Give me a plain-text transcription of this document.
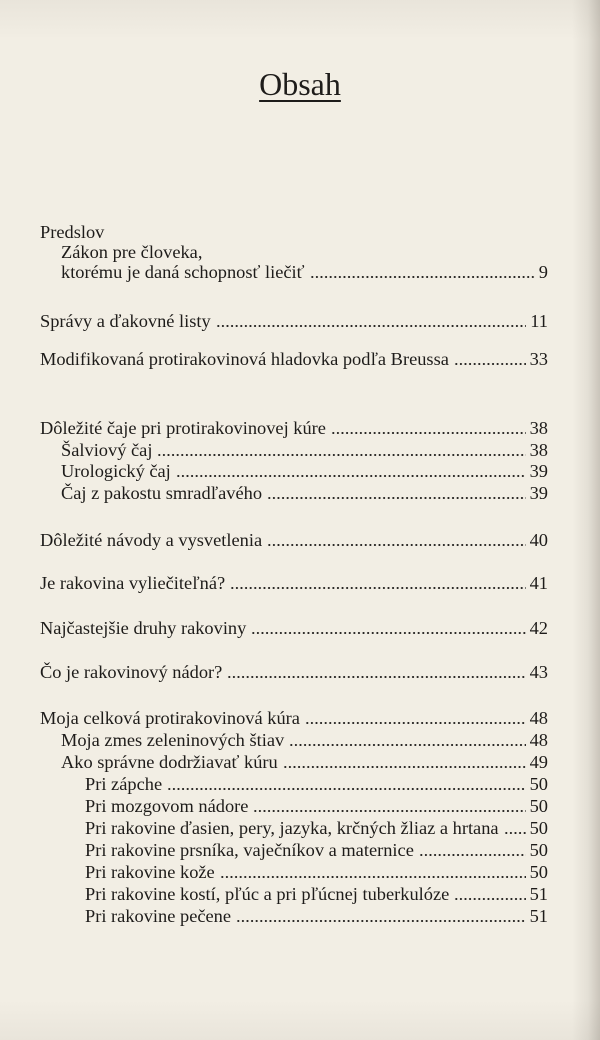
Obsah
Predslov
Zákon pre človeka,
ktorému je daná schopnosť liečiť	9
Správy a ďakovné listy	11
Modifikovaná protirakovinová hladovka podľa Breussa	33
Dôležité čaje pri protirakovinovej kúre	38
Šalviový čaj	38
Urologický čaj	39
Čaj z pakostu smradľavého	39
Dôležité návody a vysvetlenia	40
Je rakovina vyliečiteľná?	41
Najčastejšie druhy rakoviny	42
Čo je rakovinový nádor?	43
Moja celková protirakovinová kúra	48
Moja zmes zeleninových štiav	48
Ako správne dodržiavať kúru	49
Pri zápche	50
Pri mozgovom nádore	50
Pri rakovine ďasien, pery, jazyka, krčných žliaz a hrtana 50
Pri rakovine prsníka, vaječníkov a maternice	50
Pri rakovine kože	50
Pri rakovine kostí, pľúc a pri pľúcnej tuberkulóze	51
Pri rakovine pečene	51
